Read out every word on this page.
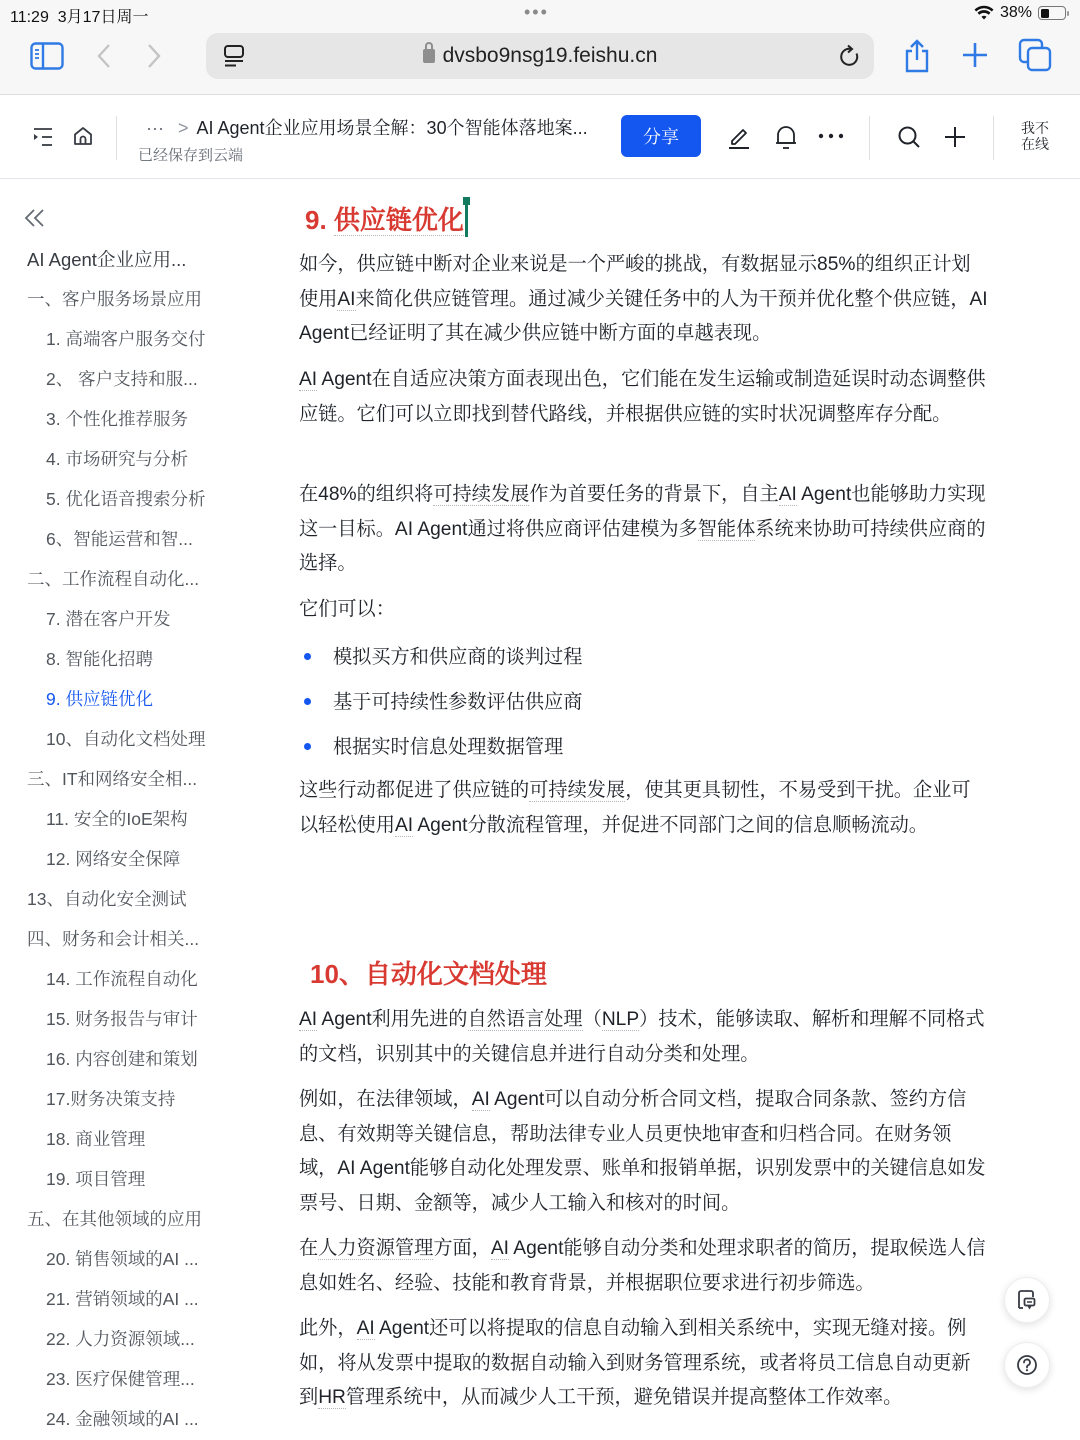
11:29 3月17日周一	•••	38%
dvsbo9nsg19.feishu.cn
··· > AI Agent企业应用场景全解：30个智能体落地案...
已经保存到云端
分享	我不
在线
AI Agent企业应用...
一、客户服务场景应用
1. 高端客户服务交付
2、 客户支持和服...
3. 个性化推荐服务
4. 市场研究与分析
5. 优化语音搜索分析
6、智能运营和智...
二、工作流程自动化...
7. 潜在客户开发
8. 智能化招聘
9. 供应链优化
10、自动化文档处理
三、IT和网络安全相...
11. 安全的IoE架构
12. 网络安全保障
13、自动化安全测试
四、财务和会计相关...
14. 工作流程自动化
15. 财务报告与审计
16. 内容创建和策划
17.财务决策支持
18. 商业管理
19. 项目管理
五、在其他领域的应用
20. 销售领域的AI ...
21. 营销领域的AI ...
22. 人力资源领域...
23. 医疗保健管理...
24. 金融领域的AI ...
9. 供应链优化
如今，供应链中断对企业来说是一个严峻的挑战，有数据显示85%的组织正计划使用AI来简化供应链管理。通过减少关键任务中的人为干预并优化整个供应链，AI Agent已经证明了其在减少供应链中断方面的卓越表现。
AI Agent在自适应决策方面表现出色，它们能在发生运输或制造延误时动态调整供应链。它们可以立即找到替代路线，并根据供应链的实时状况调整库存分配。
在48%的组织将可持续发展作为首要任务的背景下，自主AI Agent也能够助力实现这一目标。AI Agent通过将供应商评估建模为多智能体系统来协助可持续供应商的选择。
它们可以：
模拟买方和供应商的谈判过程
基于可持续性参数评估供应商
根据实时信息处理数据管理
这些行动都促进了供应链的可持续发展，使其更具韧性，不易受到干扰。企业可以轻松使用AI Agent分散流程管理，并促进不同部门之间的信息顺畅流动。
10、自动化文档处理
AI Agent利用先进的自然语言处理（NLP）技术，能够读取、解析和理解不同格式的文档，识别其中的关键信息并进行自动分类和处理。
例如，在法律领域，AI Agent可以自动分析合同文档，提取合同条款、签约方信息、有效期等关键信息，帮助法律专业人员更快地审查和归档合同。在财务领域，AI Agent能够自动化处理发票、账单和报销单据，识别发票中的关键信息如发票号、日期、金额等，减少人工输入和核对的时间。
在人力资源管理方面，AI Agent能够自动分类和处理求职者的简历，提取候选人信息如姓名、经验、技能和教育背景，并根据职位要求进行初步筛选。
此外，AI Agent还可以将提取的信息自动输入到相关系统中，实现无缝对接。例如，将从发票中提取的数据自动输入到财务管理系统，或者将员工信息自动更新到HR管理系统中，从而减少人工干预，避免错误并提高整体工作效率。
